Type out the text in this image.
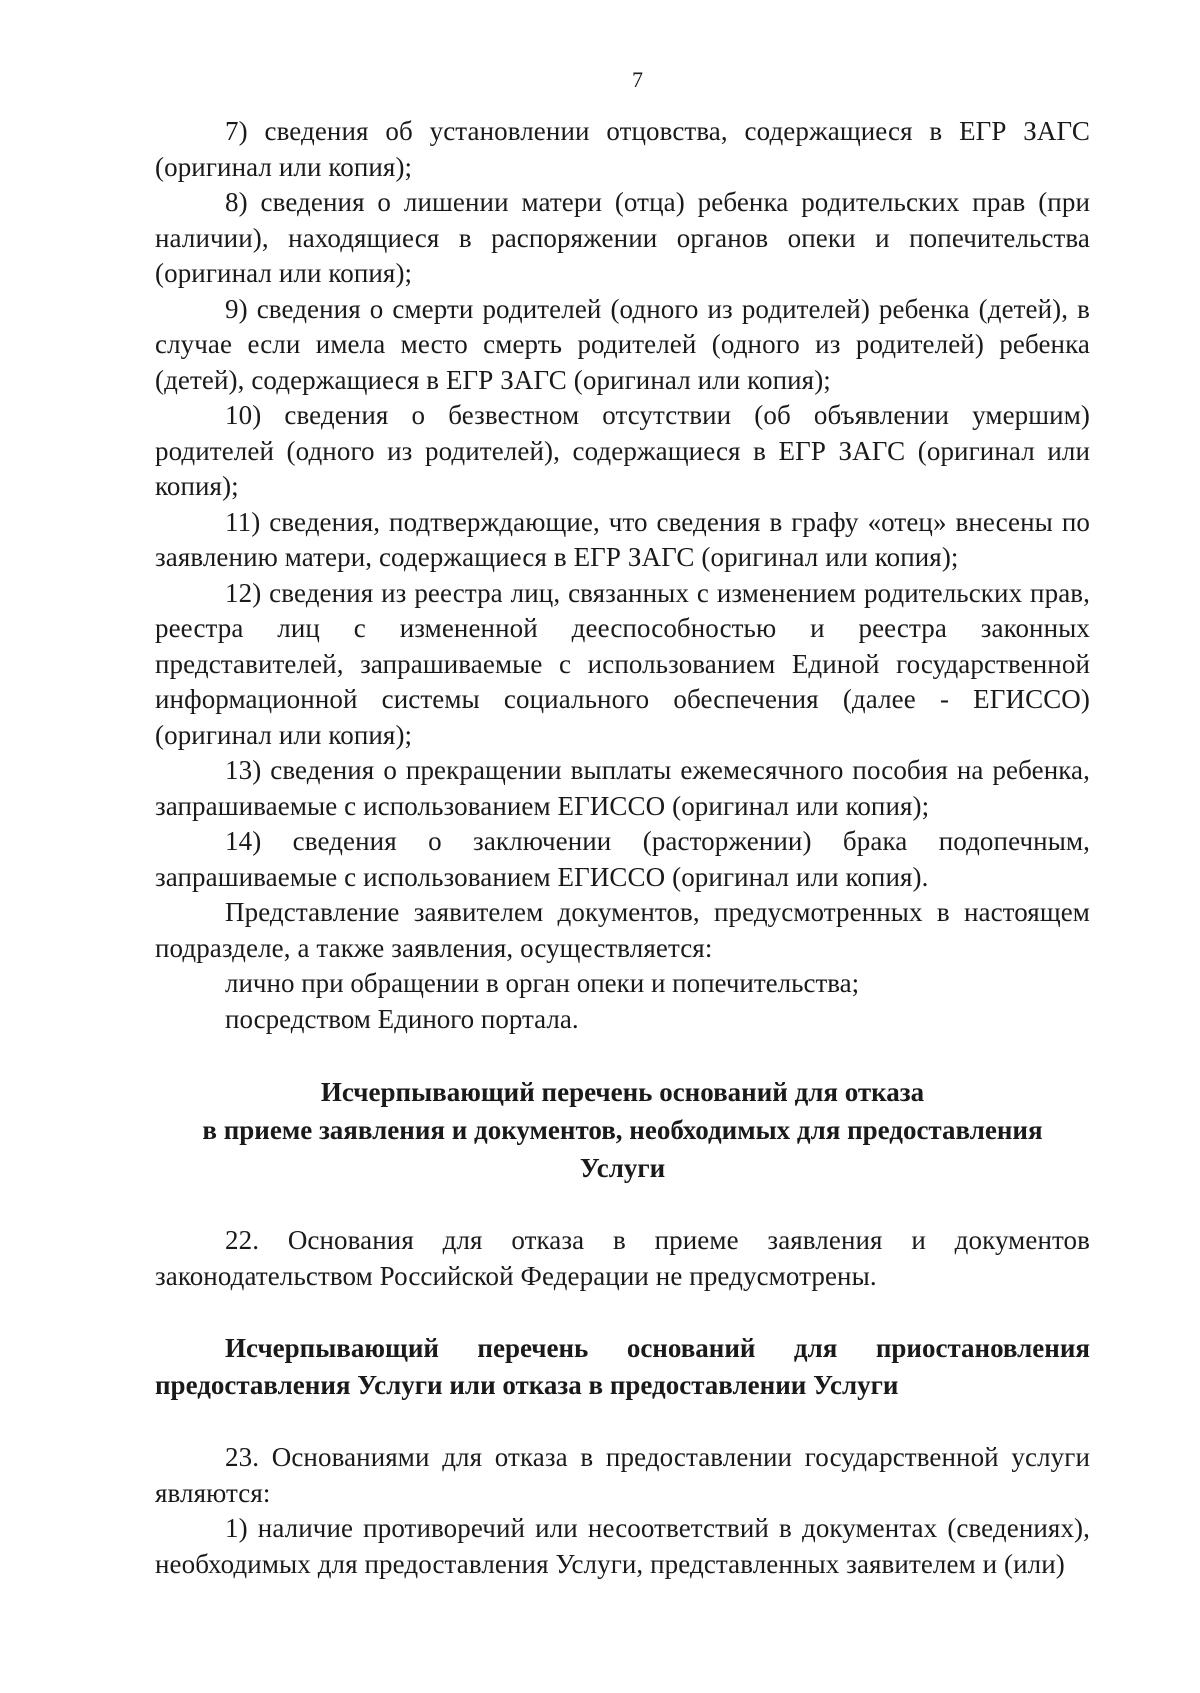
7

7) сведения об установлении отцовства, содержащиеся в ЕГР ЗАГС (оригинал или копия);

8) сведения о лишении матери (отца) ребенка родительских прав (при наличии), находящиеся в распоряжении органов опеки и попечительства (оригинал или копия);

9) сведения о смерти родителей (одного из родителей) ребенка (детей), в случае если имела место смерть родителей (одного из родителей) ребенка (детей), содержащиеся в ЕГР ЗАГС (оригинал или копия);

10) сведения о безвестном отсутствии (об объявлении умершим) родителей (одного из родителей), содержащиеся в ЕГР ЗАГС (оригинал или копия);

11) сведения, подтверждающие, что сведения в графу «отец» внесены по заявлению матери, содержащиеся в ЕГР ЗАГС (оригинал или копия);

12) сведения из реестра лиц, связанных с изменением родительских прав, реестра лиц с измененной дееспособностью и реестра законных представителей, запрашиваемые с использованием Единой государственной информационной системы социального обеспечения (далее - ЕГИССО) (оригинал или копия);

13) сведения о прекращении выплаты ежемесячного пособия на ребенка, запрашиваемые с использованием ЕГИССО (оригинал или копия);

14) сведения о заключении (расторжении) брака подопечным, запрашиваемые с использованием ЕГИССО (оригинал или копия).

Представление заявителем документов, предусмотренных в настоящем подразделе, а также заявления, осуществляется:

лично при обращении в орган опеки и попечительства;

посредством Единого портала.

Исчерпывающий перечень оснований для отказа

в приеме заявления и документов, необходимых для предоставления

Услуги

22. Основания для отказа в приеме заявления и документов законодательством Российской Федерации не предусмотрены.

Исчерпывающий перечень оснований для приостановления предоставления Услуги или отказа в предоставлении Услуги

23. Основаниями для отказа в предоставлении государственной услуги являются:

1) наличие противоречий или несоответствий в документах (сведениях), необходимых для предоставления Услуги, представленных заявителем и (или)
